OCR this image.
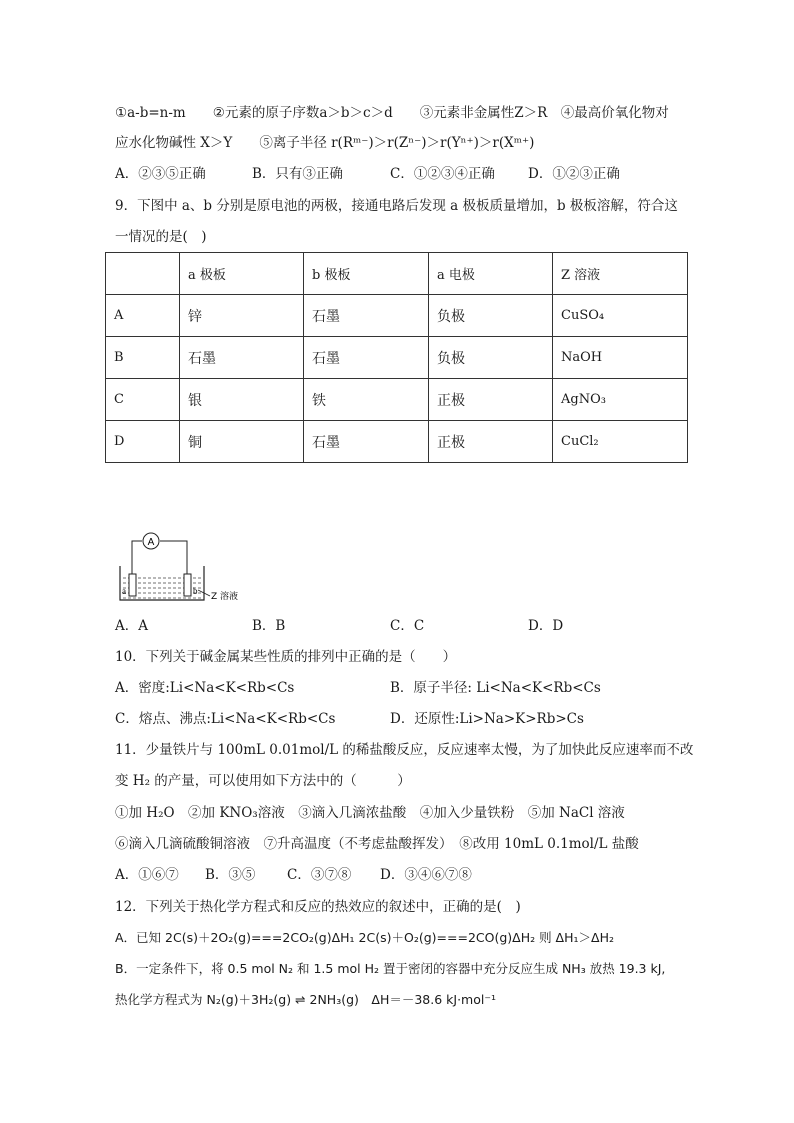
①a-b=n-m　　②元素的原子序数a＞b＞c＞d　　③元素非金属性Z＞R　④最高价氧化物对
应水化物碱性 X＞Y　　⑤离子半径 r(Rᵐ⁻)＞r(Zⁿ⁻)＞r(Yⁿ⁺)＞r(Xᵐ⁺)
A．②③⑤正确	B．只有③正确	C．①②③④正确 D．①②③正确
9．下图中 a、b 分别是原电池的两极，接通电路后发现 a 极板质量增加，b 极板溶解，符合这
一情况的是(　)
	a 极板	b 极板	a 电极	Z 溶液
A	锌	石墨	负极	CuSO₄
B	石墨	石墨	负极	NaOH
C	银	铁	正极	AgNO₃
D	铜	石墨	正极	CuCl₂
A
a	b
Z 溶液
A．A	B．B	C．C	D．D
10．下列关于碱金属某些性质的排列中正确的是（　　）
A．密度:Li<Na<K<Rb<Cs	B．原子半径: Li<Na<K<Rb<Cs
C．熔点、沸点:Li<Na<K<Rb<Cs	D．还原性:Li>Na>K>Rb>Cs
11．少量铁片与 100mL 0.01mol/L 的稀盐酸反应，反应速率太慢，为了加快此反应速率而不改
变 H₂ 的产量，可以使用如下方法中的（　　　）
①加 H₂O　②加 KNO₃溶液　③滴入几滴浓盐酸　④加入少量铁粉　⑤加 NaCl 溶液
⑥滴入几滴硫酸铜溶液　⑦升高温度（不考虑盐酸挥发）　⑧改用 10mL 0.1mol/L 盐酸
A．①⑥⑦ B．③⑤ C．③⑦⑧ D．③④⑥⑦⑧
12．下列关于热化学方程式和反应的热效应的叙述中，正确的是(　)
A．已知 2C(s)＋2O₂(g)===2CO₂(g)ΔH₁ 2C(s)＋O₂(g)===2CO(g)ΔH₂ 则 ΔH₁＞ΔH₂
B．一定条件下，将 0.5 mol N₂ 和 1.5 mol H₂ 置于密闭的容器中充分反应生成 NH₃ 放热 19.3 kJ,
热化学方程式为 N₂(g)＋3H₂(g) ⇌ 2NH₃(g)　ΔH＝－38.6 kJ·mol⁻¹
